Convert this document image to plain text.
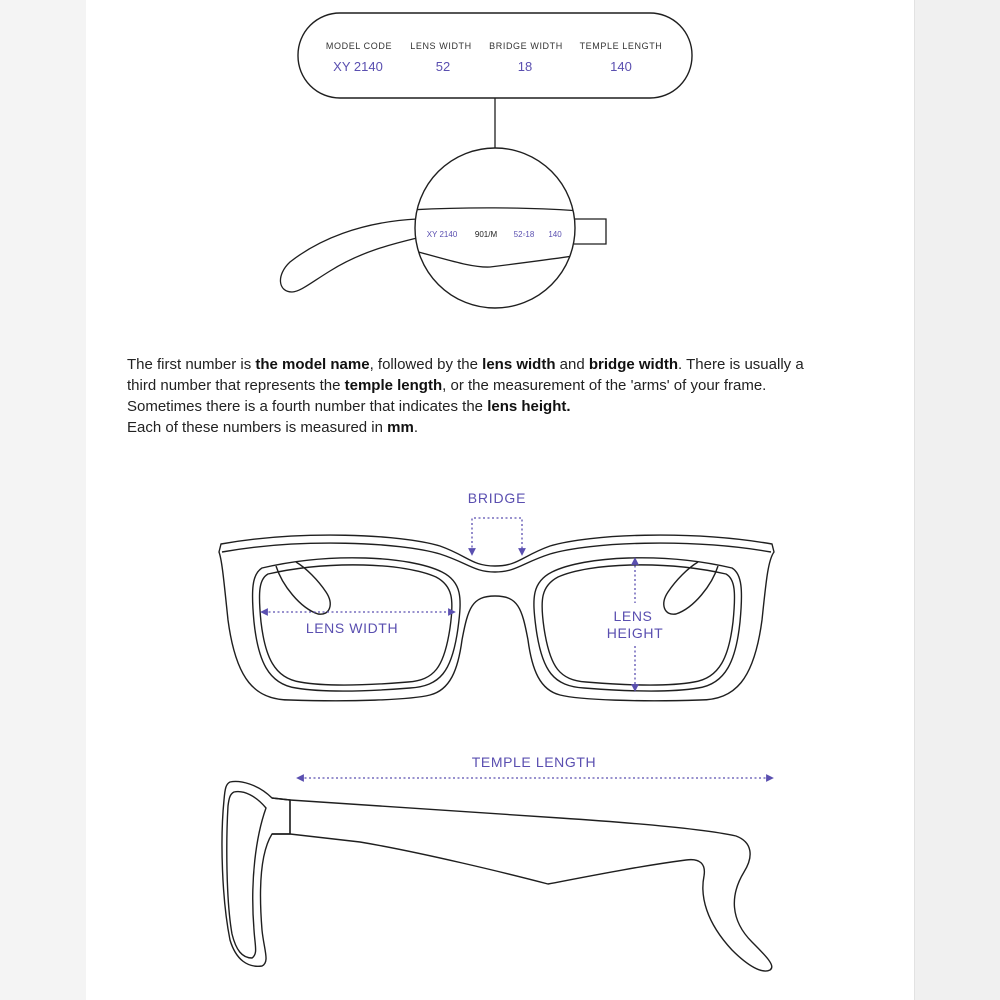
MODEL CODE
XY 2140
LENS WIDTH
52
BRIDGE WIDTH
18
TEMPLE LENGTH
140
XY 2140 901/M 52▫18 140
BRIDGE
LENS WIDTH
LENS
HEIGHT
TEMPLE LENGTH

The first number is the model name, followed by the lens width and bridge width. There is usually a

third number that represents the temple length, or the measurement of the 'arms' of your frame.

Sometimes there is a fourth number that indicates the lens height.

Each of these numbers is measured in mm.
